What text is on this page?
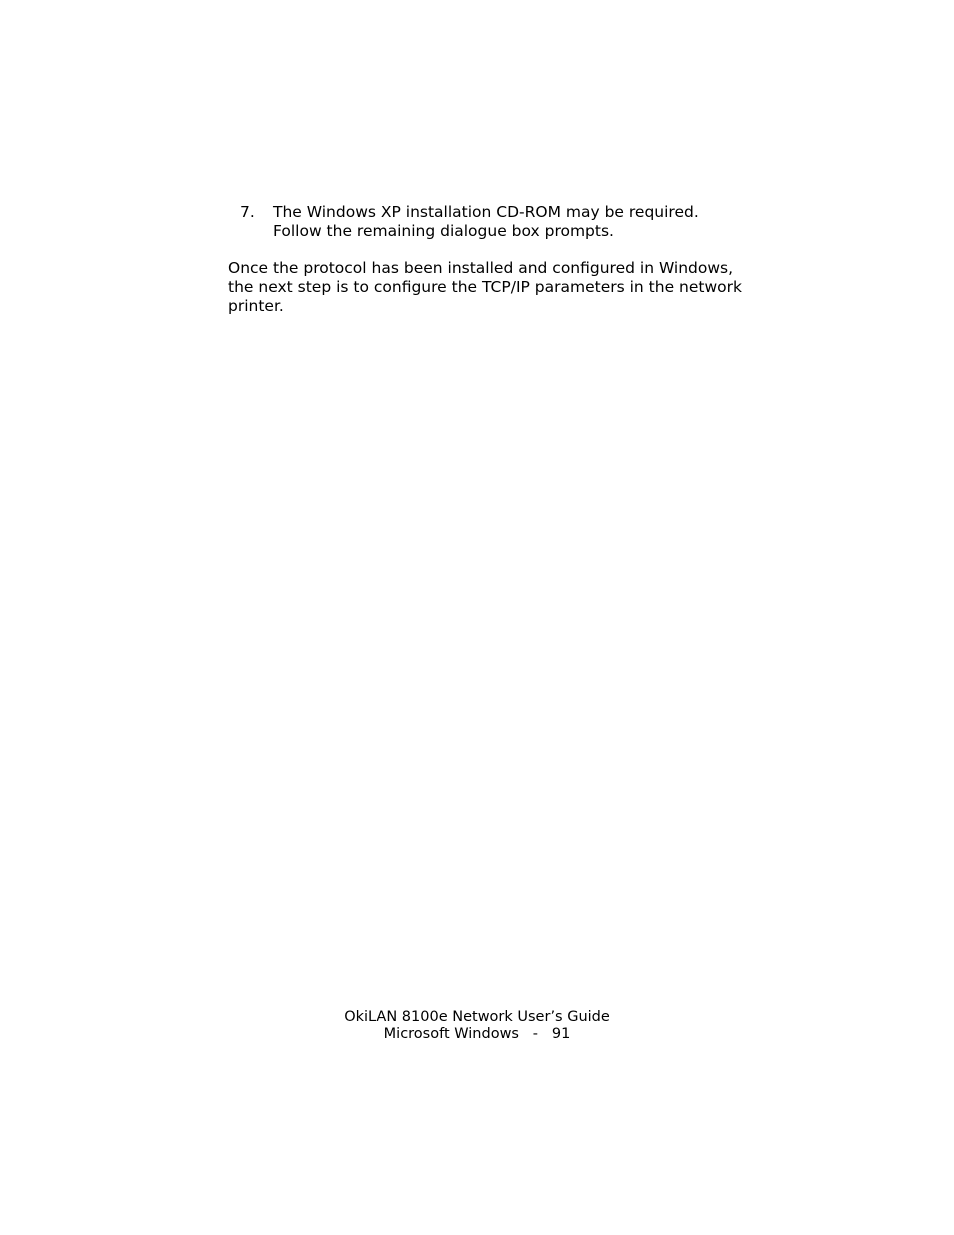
7. The Windows XP installation CD-ROM may be required.
Follow the remaining dialogue box prompts.
Once the protocol has been installed and configured in Windows,
the next step is to configure the TCP/IP parameters in the network
printer.
OkiLAN 8100e Network User’s Guide
Microsoft Windows   -   91
